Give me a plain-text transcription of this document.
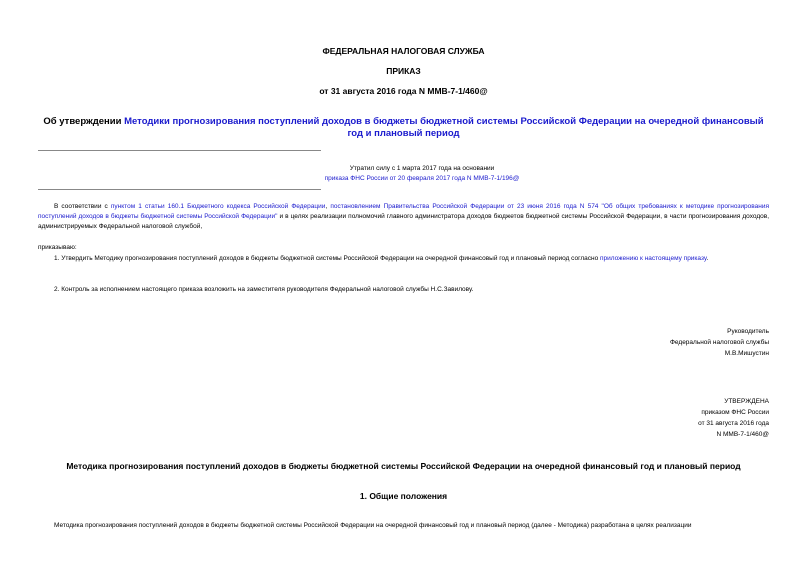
ФЕДЕРАЛЬНАЯ НАЛОГОВАЯ СЛУЖБА
ПРИКАЗ
от 31 августа 2016 года N ММВ-7-1/460@
Об утверждении Методики прогнозирования поступлений доходов в бюджеты бюджетной системы Российской Федерации на очередной финансовый год и плановый период
Утратил силу с 1 марта 2017 года на основании
приказа ФНС России от 20 февраля 2017 года N ММВ-7-1/196@
В соответствии с пунктом 1 статьи 160.1 Бюджетного кодекса Российской Федерации, постановлением Правительства Российской Федерации от 23 июня 2016 года N 574 "Об общих требованиях к методике прогнозирования поступлений доходов в бюджеты бюджетной системы Российской Федерации" и в целях реализации полномочий главного администратора доходов бюджетов бюджетной системы Российской Федерации, в части прогнозирования доходов, администрируемых Федеральной налоговой службой,
приказываю:
1. Утвердить Методику прогнозирования поступлений доходов в бюджеты бюджетной системы Российской Федерации на очередной финансовый год и плановый период согласно приложению к настоящему приказу.
2. Контроль за исполнением настоящего приказа возложить на заместителя руководителя Федеральной налоговой службы Н.С.Завилову.
Руководитель
Федеральной налоговой службы
М.В.Мишустин
УТВЕРЖДЕНА
приказом ФНС России
от 31 августа 2016 года
N ММВ-7-1/460@
Методика прогнозирования поступлений доходов в бюджеты бюджетной системы Российской Федерации на очередной финансовый год и плановый период
1. Общие положения
Методика прогнозирования поступлений доходов в бюджеты бюджетной системы Российской Федерации на очередной финансовый год и плановый период (далее - Методика) разработана в целях реализации
